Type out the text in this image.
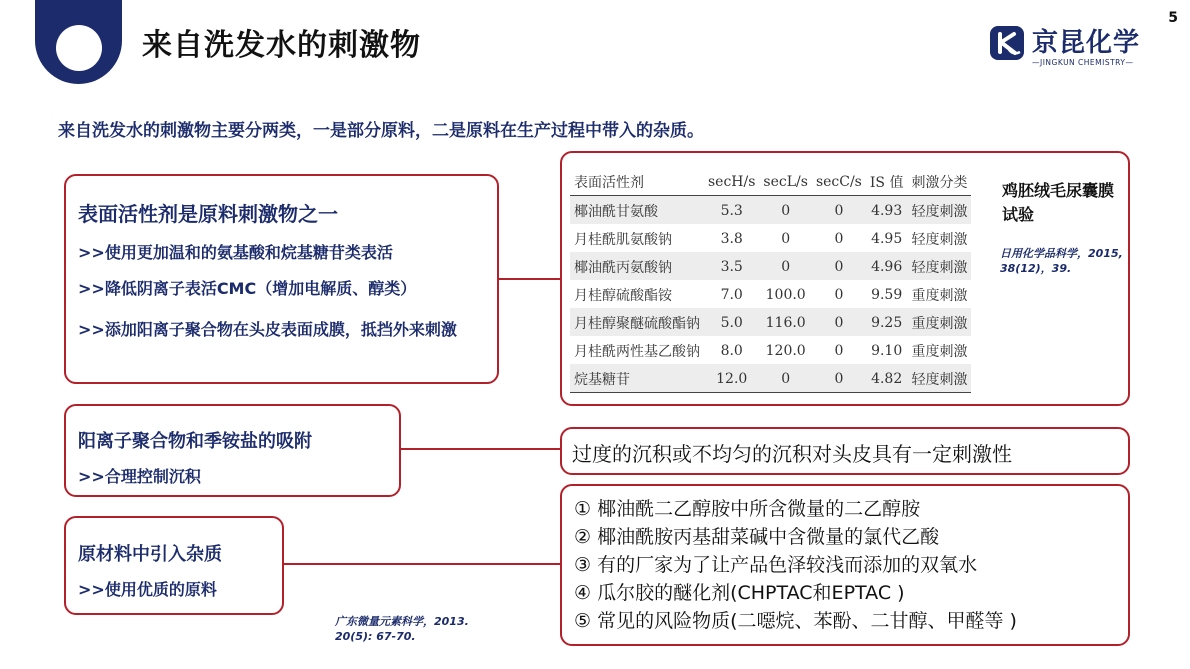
来自洗发水的刺激物
5
京昆化学
—JINGKUN CHEMISTRY—
来自洗发水的刺激物主要分两类，一是部分原料，二是原料在生产过程中带入的杂质。
表面活性剂是原料刺激物之一
>>使用更加温和的氨基酸和烷基糖苷类表活
>>降低阴离子表活CMC（增加电解质、醇类）
>>添加阳离子聚合物在头皮表面成膜，抵挡外来刺激
阳离子聚合物和季铵盐的吸附
>>合理控制沉积
原材料中引入杂质
>>使用优质的原料
表面活性剂	secH/s	secL/s	secC/s	IS 值	刺激分类
椰油酰甘氨酸	5.3	0	0	4.93	轻度刺激
月桂酰肌氨酸钠	3.8	0	0	4.95	轻度刺激
椰油酰丙氨酸钠	3.5	0	0	4.96	轻度刺激
月桂醇硫酸酯铵	7.0	100.0	0	9.59	重度刺激
月桂醇聚醚硫酸酯钠	5.0	116.0	0	9.25	重度刺激
月桂酰两性基乙酸钠	8.0	120.0	0	9.10	重度刺激
烷基糖苷	12.0	0	0	4.82	轻度刺激
鸡胚绒毛尿囊膜试验
日用化学品科学，2015, 38(12)，39.
过度的沉积或不均匀的沉积对头皮具有一定刺激性
① 椰油酰二乙醇胺中所含微量的二乙醇胺
② 椰油酰胺丙基甜菜碱中含微量的氯代乙酸
③ 有的厂家为了让产品色泽较浅而添加的双氧水
④ 瓜尔胶的醚化剂(CHPTAC和EPTAC )
⑤ 常见的风险物质(二噁烷、苯酚、二甘醇、甲醛等 )
广东微量元素科学，2013. 20(5): 67-70.
